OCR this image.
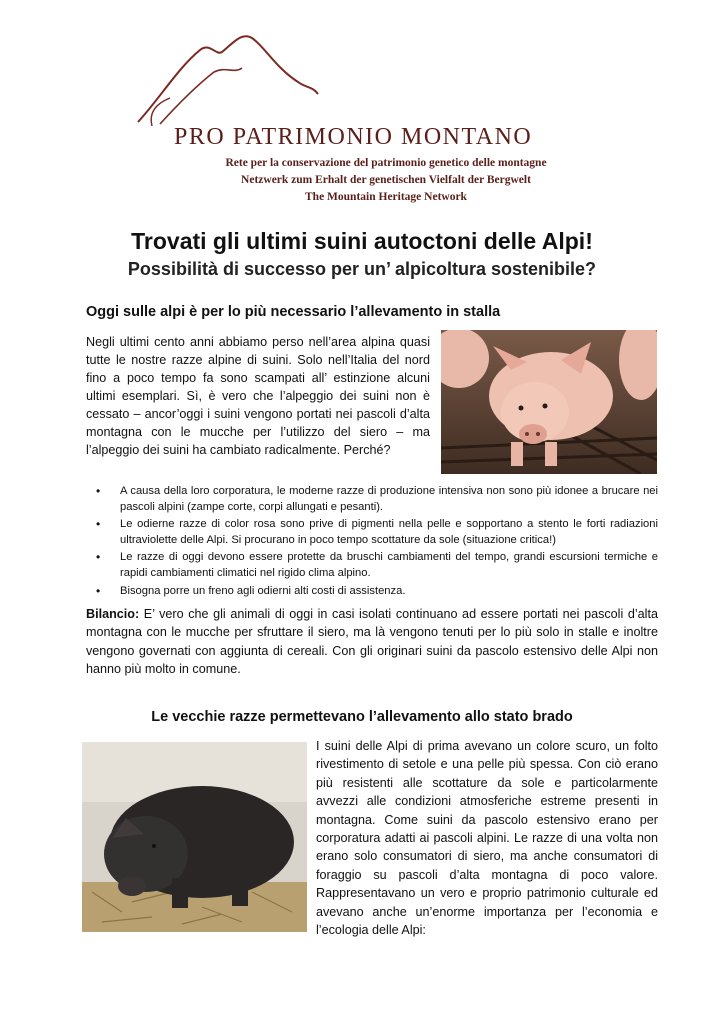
PRO PATRIMONIO MONTANO
Rete per la conservazione del patrimonio genetico delle montagne
Netzwerk zum Erhalt der genetischen Vielfalt der Bergwelt
The Mountain Heritage Network
Trovati gli ultimi suini autoctoni delle Alpi!
Possibilità di successo per un’ alpicoltura sostenibile?
Oggi sulle alpi è per lo più necessario l’allevamento in stalla
Negli ultimi cento anni abbiamo perso nell’area alpina quasi tutte le nostre razze alpine di suini. Solo nell’Italia del nord fino a poco tempo fa sono scampati all’ estinzione alcuni ultimi esemplari. Sì, è vero che l’alpeggio dei suini non è cessato – ancor’oggi i suini vengono portati nei pascoli d’alta montagna con le mucche per l’utilizzo del siero – ma l’alpeggio dei suini ha cambiato radicalmente. Perché?
• A causa della loro corporatura, le moderne razze di produzione intensiva non sono più idonee a brucare nei pascoli alpini (zampe corte, corpi allungati e pesanti).
• Le odierne razze di color rosa sono prive di pigmenti nella pelle e sopportano a stento le forti radiazioni ultraviolette delle Alpi. Si procurano in poco tempo scottature da sole (situazione critica!)
• Le razze di oggi devono essere protette da bruschi cambiamenti del tempo, grandi escursioni termiche e rapidi cambiamenti climatici nel rigido clima alpino.
• Bisogna porre un freno agli odierni alti costi di assistenza.
Bilancio: E’ vero che gli animali di oggi in casi isolati continuano ad essere portati nei pascoli d’alta montagna con le mucche per sfruttare il siero, ma là vengono tenuti per lo più solo in stalle e inoltre vengono governati con aggiunta di cereali. Con gli originari suini da pascolo estensivo delle Alpi non hanno più molto in comune.
Le vecchie razze permettevano l’allevamento allo stato brado
I suini delle Alpi di prima avevano un colore scuro, un folto rivestimento di setole e una pelle più spessa. Con ciò erano più resistenti alle scottature da sole e particolarmente avvezzi alle condizioni atmosferiche estreme presenti in montagna. Come suini da pascolo estensivo erano per corporatura adatti ai pascoli alpini. Le razze di una volta non erano solo consumatori di siero, ma anche consumatori di foraggio su pascoli d’alta montagna di poco valore. Rappresentavano un vero e proprio patrimonio culturale ed avevano anche un’enorme importanza per l’economia e l’ecologia delle Alpi:
